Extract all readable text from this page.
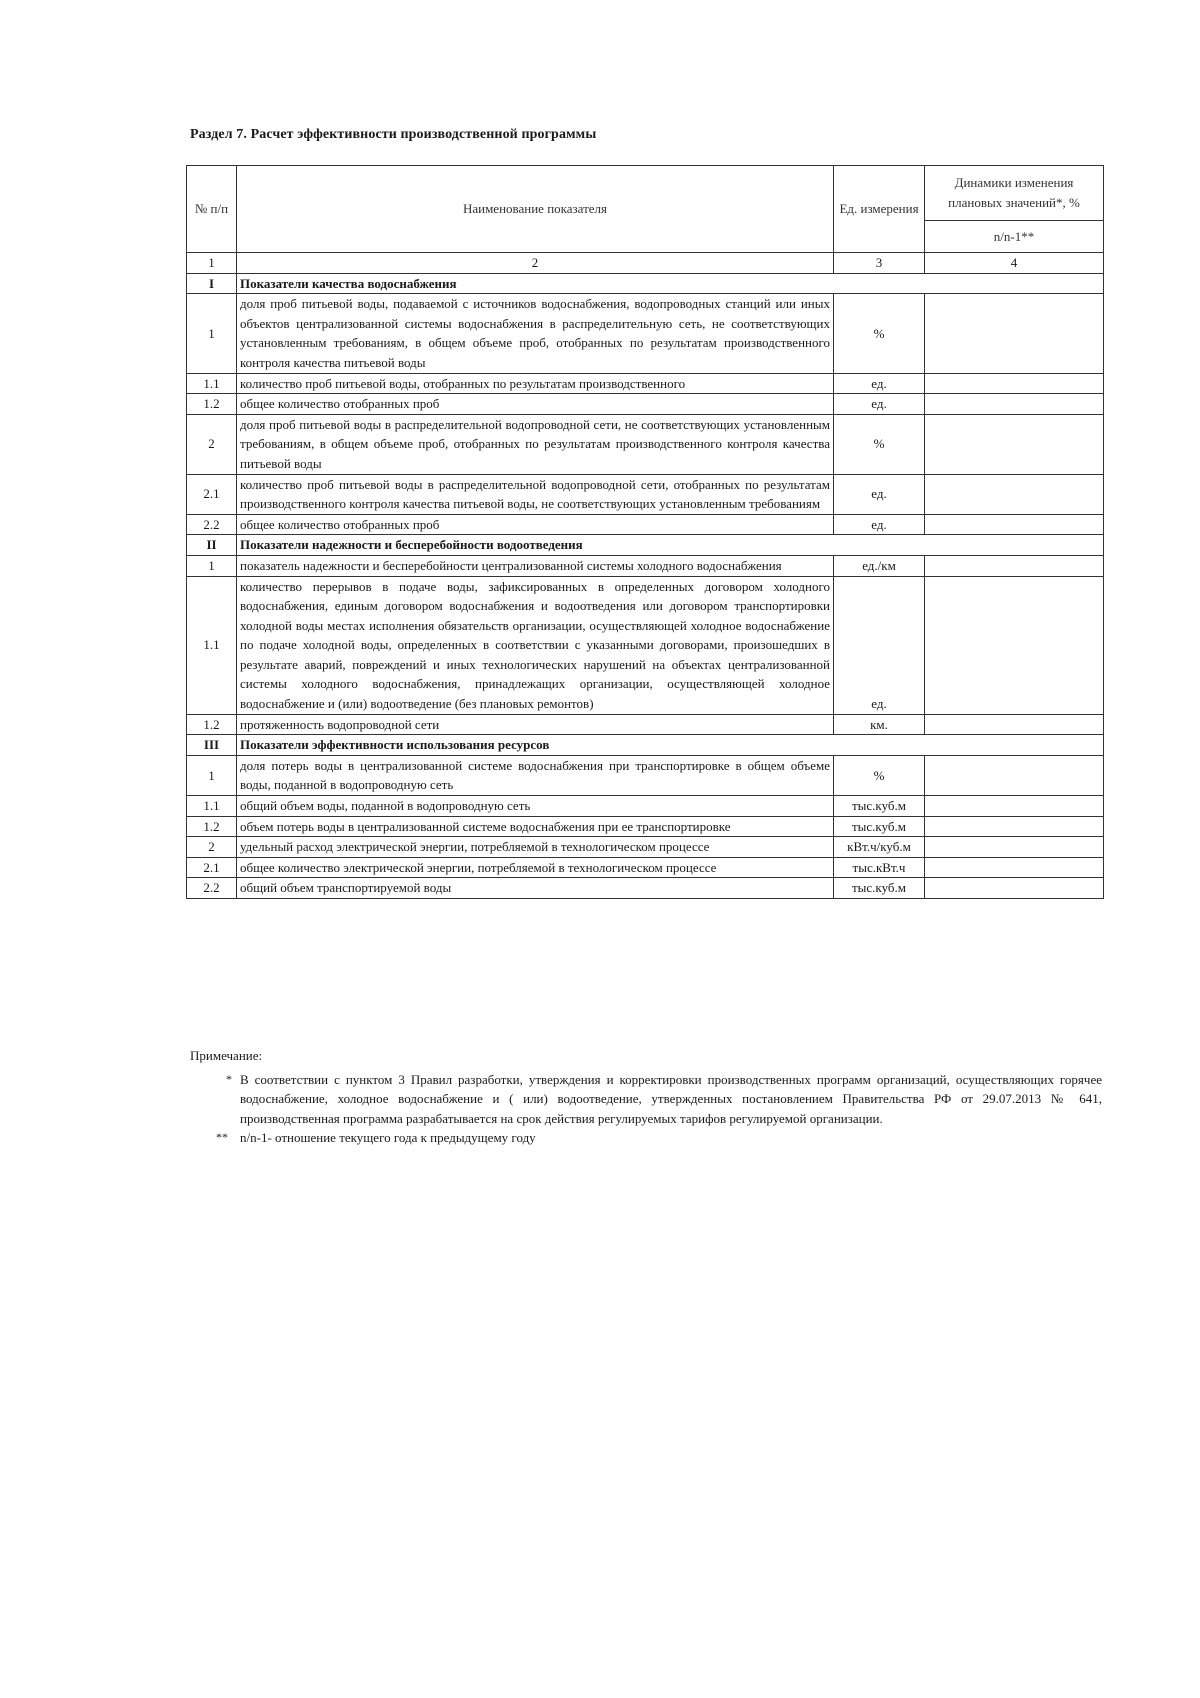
Раздел 7. Расчет эффективности производственной программы
№ п/п	Наименование показателя	Ед. измерения	Динамики изменения плановых значений*, %
			n/n-1**
1	2	3	4
I	Показатели качества водоснабжения		
1	доля проб питьевой воды, подаваемой с источников водоснабжения, водопроводных станций или иных объектов централизованной системы водоснабжения в распределительную сеть, не соответствующих установленным требованиям, в общем объеме проб, отобранных по результатам производственного контроля качества питьевой воды	%	
1.1	количество проб питьевой воды, отобранных по результатам производственного	ед.	
1.2	общее количество отобранных проб	ед.	
2	доля проб питьевой воды в распределительной водопроводной сети, не соответствующих установленным требованиям, в общем объеме проб, отобранных по результатам производственного контроля качества питьевой воды	%	
2.1	количество проб питьевой воды в распределительной водопроводной сети, отобранных по результатам производственного контроля качества питьевой воды, не соответствующих установленным требованиям	ед.	
2.2	общее количество отобранных проб	ед.	
II	Показатели надежности и бесперебойности водоотведения		
1	показатель надежности и бесперебойности централизованной системы холодного водоснабжения	ед./км	
1.1	количество перерывов в подаче воды, зафиксированных в определенных договором холодного водоснабжения, единым договором водоснабжения и водоотведения или договором транспортировки холодной воды местах исполнения обязательств организации, осуществляющей холодное водоснабжение по подаче холодной воды, определенных в соответствии с указанными договорами, произошедших в результате аварий, повреждений и иных технологических нарушений на объектах централизованной системы холодного водоснабжения, принадлежащих организации, осуществляющей холодное водоснабжение и (или) водоотведение (без плановых ремонтов)	ед.	
1.2	протяженность водопроводной сети	км.	
III	Показатели эффективности использования ресурсов		
1	доля потерь воды в централизованной системе водоснабжения при транспортировке в общем объеме воды, поданной в водопроводную сеть	%	
1.1	общий объем воды, поданной в водопроводную сеть	тыс.куб.м	
1.2	объем потерь воды в централизованной системе водоснабжения при ее транспортировке	тыс.куб.м	
2	удельный расход электрической энергии, потребляемой в технологическом процессе	кВт.ч/куб.м	
2.1	общее количество электрической энергии, потребляемой в технологическом процессе	тыс.кВт.ч	
2.2	общий объем транспортируемой воды	тыс.куб.м	
Примечание:
* В соответствии с пунктом 3 Правил разработки, утверждения и корректировки производственных программ организаций, осуществляющих горячее водоснабжение, холодное водоснабжение и ( или) водоотведение, утвержденных постановлением Правительства РФ от 29.07.2013 № 641, производственная программа разрабатывается на срок действия регулируемых тарифов регулируемой организации.
** n/n-1- отношение текущего года к предыдущему году
